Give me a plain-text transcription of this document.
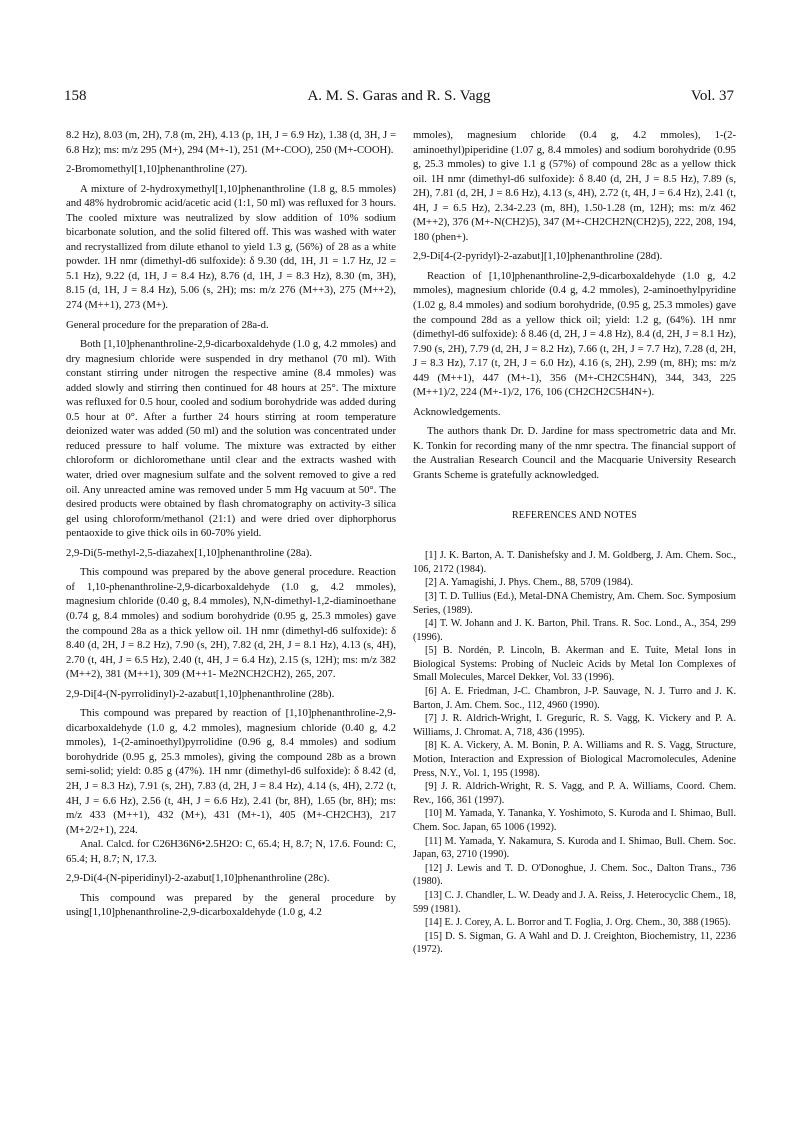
158	A. M. S. Garas and R. S. Vagg	Vol. 37

8.2 Hz), 8.03 (m, 2H), 7.8 (m, 2H), 4.13 (p, 1H, J = 6.9 Hz), 1.38 (d, 3H, J = 6.8 Hz); ms: m/z 295 (M+), 294 (M+-1), 251 (M+-COO), 250 (M+-COOH).

2-Bromomethyl[1,10]phenanthroline (27).

A mixture of 2-hydroxymethyl[1,10]phenanthroline (1.8 g, 8.5 mmoles) and 48% hydrobromic acid/acetic acid (1:1, 50 ml) was refluxed for 3 hours. The cooled mixture was neutralized by slow addition of 10% sodium bicarbonate solution, and the solid filtered off. This was washed with water and recrystallized from dilute ethanol to yield 1.3 g, (56%) of 28 as a white powder. 1H nmr (dimethyl-d6 sulfoxide): δ 9.30 (dd, 1H, J1 = 1.7 Hz, J2 = 5.1 Hz), 9.22 (d, 1H, J = 8.4 Hz), 8.76 (d, 1H, J = 8.3 Hz), 8.30 (m, 3H), 8.15 (d, 1H, J = 8.4 Hz), 5.06 (s, 2H); ms: m/z 276 (M++3), 275 (M++2), 274 (M++1), 273 (M+).

General procedure for the preparation of 28a-d.

Both [1,10]phenanthroline-2,9-dicarboxaldehyde (1.0 g, 4.2 mmoles) and dry magnesium chloride were suspended in dry methanol (70 ml). With constant stirring under nitrogen the respective amine (8.4 mmoles) was added slowly and stirring then continued for 48 hours at 25°. The mixture was refluxed for 0.5 hour, cooled and sodium borohydride was added during 0.5 hour at 0°. After a further 24 hours stirring at room temperature deionized water was added (50 ml) and the solution was concentrated under reduced pressure to half volume. The mixture was extracted by either chloroform or dichloromethane until clear and the extracts washed with water, dried over magnesium sulfate and the solvent removed to give a red oil. Any unreacted amine was removed under 5 mm Hg vacuum at 50°. The desired products were obtained by flash chromatography on activity-3 silica gel using chloroform/methanol (21:1) and were dried over diphorphorus pentaoxide to give thick oils in 60-70% yield.

2,9-Di(5-methyl-2,5-diazahex[1,10]phenanthroline (28a).

This compound was prepared by the above general procedure. Reaction of 1,10-phenanthroline-2,9-dicarboxaldehyde (1.0 g, 4.2 mmoles), magnesium chloride (0.40 g, 8.4 mmoles), N,N-dimethyl-1,2-diaminoethane (0.74 g, 8.4 mmoles) and sodium borohydride (0.95 g, 25.3 mmoles) gave the compound 28a as a thick yellow oil. 1H nmr (dimethyl-d6 sulfoxide): δ 8.40 (d, 2H, J = 8.2 Hz), 7.90 (s, 2H), 7.82 (d, 2H, J = 8.1 Hz), 4.13 (s, 4H), 2.70 (t, 4H, J = 6.5 Hz), 2.40 (t, 4H, J = 6.4 Hz), 2.15 (s, 12H); ms: m/z 382 (M++2), 381 (M++1), 309 (M++1- Me2NCH2CH2), 265, 207.

2,9-Di[4-(N-pyrrolidinyl)-2-azabut[1,10]phenanthroline (28b).

This compound was prepared by reaction of [1,10]phenanthroline-2,9-dicarboxaldehyde (1.0 g, 4.2 mmoles), magnesium chloride (0.40 g, 4.2 mmoles), 1-(2-aminoethyl)pyrrolidine (0.96 g, 8.4 mmoles) and sodium borohydride (0.95 g, 25.3 mmoles), giving the compound 28b as a brown semi-solid; yield: 0.85 g (47%). 1H nmr (dimethyl-d6 sulfoxide): δ 8.42 (d, 2H, J = 8.3 Hz), 7.91 (s, 2H), 7.83 (d, 2H, J = 8.4 Hz), 4.14 (s, 4H), 2.72 (t, 4H, J = 6.6 Hz), 2.56 (t, 4H, J = 6.6 Hz), 2.41 (br, 8H), 1.65 (br, 8H); ms: m/z 433 (M++1), 432 (M+), 431 (M+-1), 405 (M+-CH2CH3), 217 (M+2/2+1), 224.

Anal. Calcd. for C26H36N6•2.5H2O: C, 65.4; H, 8.7; N, 17.6. Found: C, 65.4; H, 8.7; N, 17.3.

2,9-Di(4-(N-piperidinyl)-2-azabut[1,10]phenanthroline (28c).

This compound was prepared by the general procedure by using[1,10]phenanthroline-2,9-dicarboxaldehyde (1.0 g, 4.2

mmoles), magnesium chloride (0.4 g, 4.2 mmoles), 1-(2-aminoethyl)piperidine (1.07 g, 8.4 mmoles) and sodium borohydride (0.95 g, 25.3 mmoles) to give 1.1 g (57%) of compound 28c as a yellow thick oil. 1H nmr (dimethyl-d6 sulfoxide): δ 8.40 (d, 2H, J = 8.5 Hz), 7.89 (s, 2H), 7.81 (d, 2H, J = 8.6 Hz), 4.13 (s, 4H), 2.72 (t, 4H, J = 6.4 Hz), 2.41 (t, 4H, J = 6.5 Hz), 2.34-2.23 (m, 8H), 1.50-1.28 (m, 12H); ms: m/z 462 (M++2), 376 (M+-N(CH2)5), 347 (M+-CH2CH2N(CH2)5), 222, 208, 194, 180 (phen+).

2,9-Di[4-(2-pyridyl)-2-azabut][1,10]phenanthroline (28d).

Reaction of [1,10]phenanthroline-2,9-dicarboxaldehyde (1.0 g, 4.2 mmoles), magnesium chloride (0.4 g, 4.2 mmoles), 2-aminoethylpyridine (1.02 g, 8.4 mmoles) and sodium borohydride, (0.95 g, 25.3 mmoles) gave the compound 28d as a yellow thick oil; yield: 1.2 g, (64%). 1H nmr (dimethyl-d6 sulfoxide): δ 8.46 (d, 2H, J = 4.8 Hz), 8.4 (d, 2H, J = 8.1 Hz), 7.90 (s, 2H), 7.79 (d, 2H, J = 8.2 Hz), 7.66 (t, 2H, J = 7.7 Hz), 7.28 (d, 2H, J = 8.3 Hz), 7.17 (t, 2H, J = 6.0 Hz), 4.16 (s, 2H), 2.99 (m, 8H); ms: m/z 449 (M++1), 447 (M+-1), 356 (M+-CH2C5H4N), 344, 343, 225 (M++1)/2, 224 (M+-1)/2, 176, 106 (CH2CH2C5H4N+).

Acknowledgements.

The authors thank Dr. D. Jardine for mass spectrometric data and Mr. K. Tonkin for recording many of the nmr spectra. The financial support of the Australian Research Council and the Macquarie University Research Grants Scheme is gratefully acknowledged.

REFERENCES AND NOTES

[1] J. K. Barton, A. T. Danishefsky and J. M. Goldberg, J. Am. Chem. Soc., 106, 2172 (1984).

[2] A. Yamagishi, J. Phys. Chem., 88, 5709 (1984).

[3] T. D. Tullius (Ed.), Metal-DNA Chemistry, Am. Chem. Soc. Symposium Series, (1989).

[4] T. W. Johann and J. K. Barton, Phil. Trans. R. Soc. Lond., A., 354, 299 (1996).

[5] B. Nordén, P. Lincoln, B. Akerman and E. Tuite, Metal Ions in Biological Systems: Probing of Nucleic Acids by Metal Ion Complexes of Small Molecules, Marcel Dekker, Vol. 33 (1996).

[6] A. E. Friedman, J-C. Chambron, J-P. Sauvage, N. J. Turro and J. K. Barton, J. Am. Chem. Soc., 112, 4960 (1990).

[7] J. R. Aldrich-Wright, I. Greguric, R. S. Vagg, K. Vickery and P. A. Williams, J. Chromat. A, 718, 436 (1995).

[8] K. A. Vickery, A. M. Bonin, P. A. Williams and R. S. Vagg, Structure, Motion, Interaction and Expression of Biological Macromolecules, Adenine Press, N.Y., Vol. 1, 195 (1998).

[9] J. R. Aldrich-Wright, R. S. Vagg, and P. A. Williams, Coord. Chem. Rev., 166, 361 (1997).

[10] M. Yamada, Y. Tananka, Y. Yoshimoto, S. Kuroda and I. Shimao, Bull. Chem. Soc. Japan, 65 1006 (1992).

[11] M. Yamada, Y. Nakamura, S. Kuroda and I. Shimao, Bull. Chem. Soc. Japan, 63, 2710 (1990).

[12] J. Lewis and T. D. O'Donoghue, J. Chem. Soc., Dalton Trans., 736 (1980).

[13] C. J. Chandler, L. W. Deady and J. A. Reiss, J. Heterocyclic Chem., 18, 599 (1981).

[14] E. J. Corey, A. L. Borror and T. Foglia, J. Org. Chem., 30, 388 (1965).

[15] D. S. Sigman, G. A Wahl and D. J. Creighton, Biochemistry, 11, 2236 (1972).
